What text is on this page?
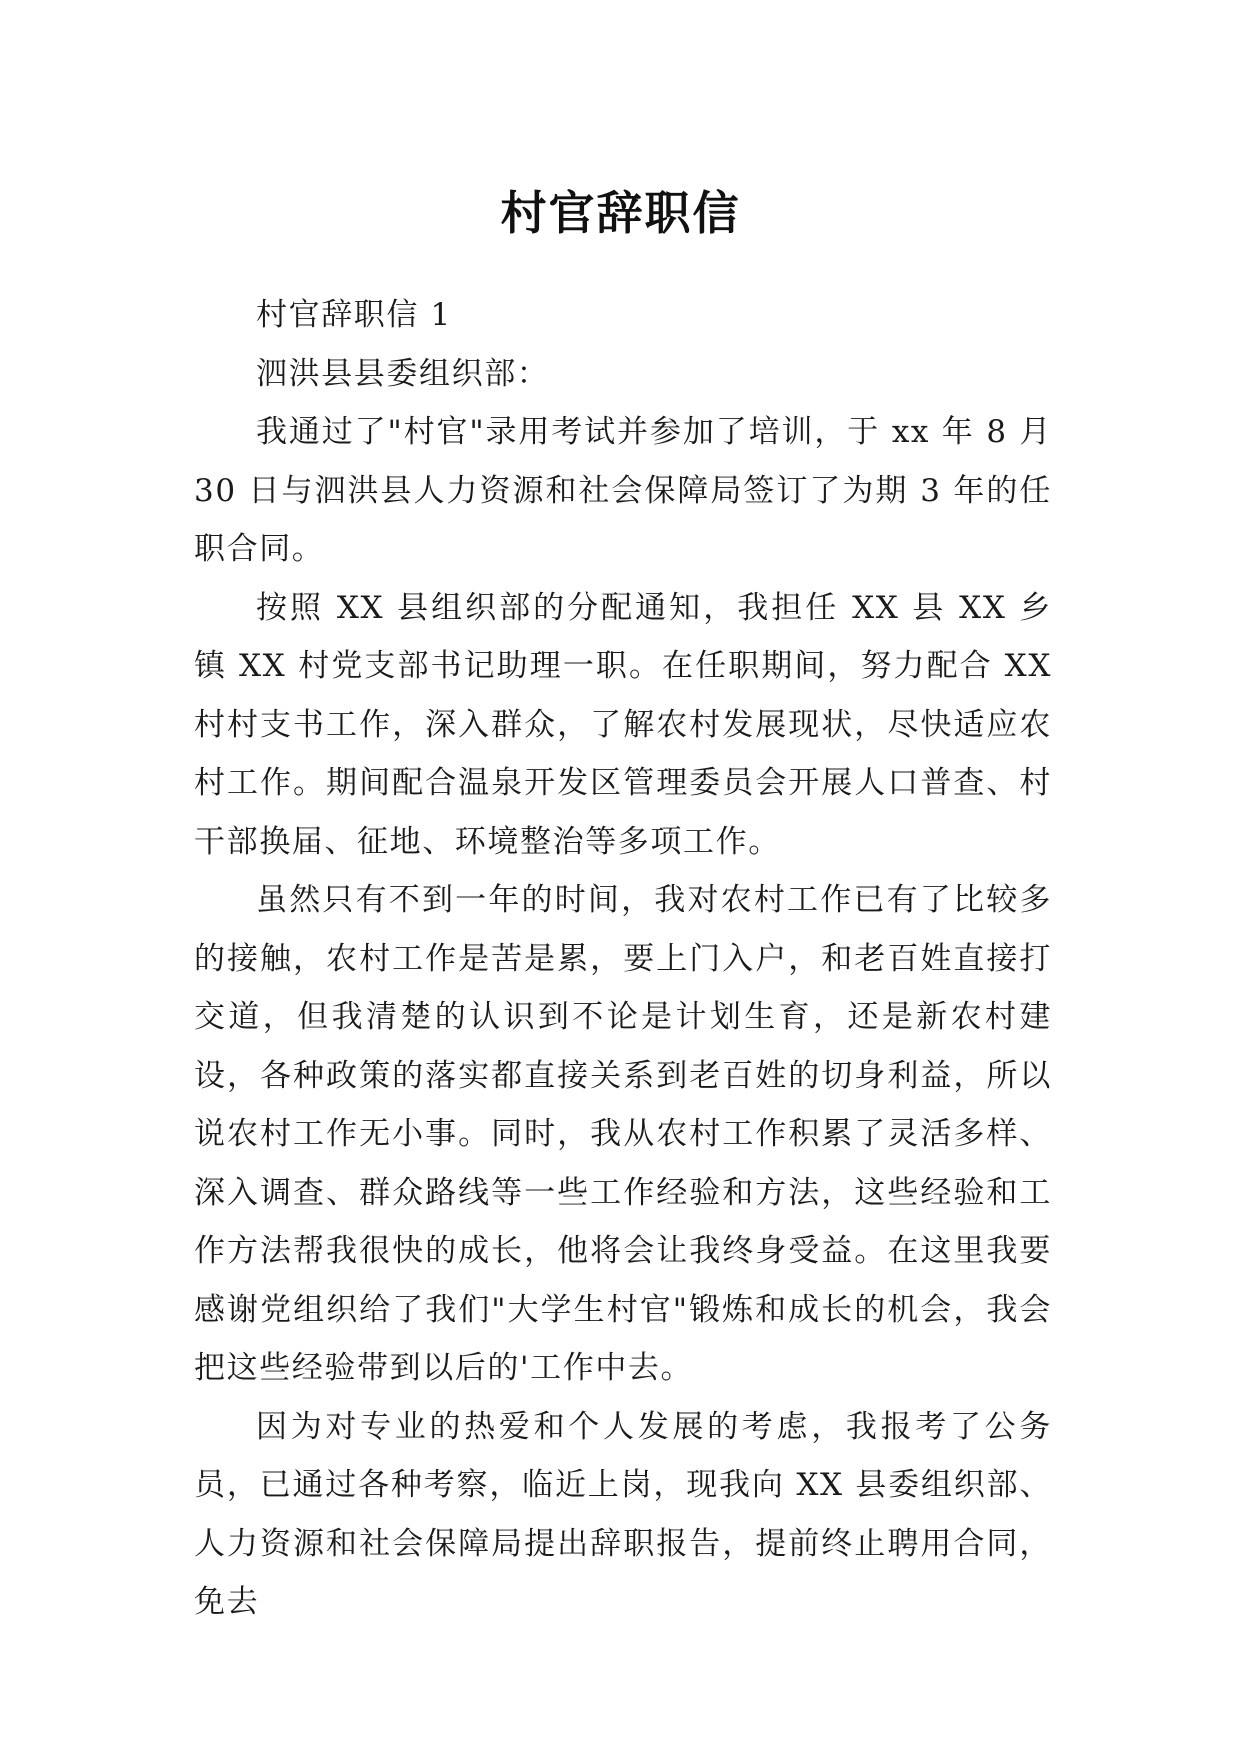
村官辞职信

村官辞职信 1

泗洪县县委组织部：

我通过了"村官"录用考试并参加了培训，于 xx 年 8 月 30 日与泗洪县人力资源和社会保障局签订了为期 3 年的任职合同。

按照 XX 县组织部的分配通知，我担任 XX 县 XX 乡镇 XX 村党支部书记助理一职。在任职期间，努力配合 XX 村村支书工作，深入群众，了解农村发展现状，尽快适应农村工作。期间配合温泉开发区管理委员会开展人口普查、村干部换届、征地、环境整治等多项工作。

虽然只有不到一年的时间，我对农村工作已有了比较多的接触，农村工作是苦是累，要上门入户，和老百姓直接打交道，但我清楚的认识到不论是计划生育，还是新农村建设，各种政策的落实都直接关系到老百姓的切身利益，所以说农村工作无小事。同时，我从农村工作积累了灵活多样、深入调查、群众路线等一些工作经验和方法，这些经验和工作方法帮我很快的成长，他将会让我终身受益。在这里我要感谢党组织给了我们"大学生村官"锻炼和成长的机会，我会把这些经验带到以后的'工作中去。

因为对专业的热爱和个人发展的考虑，我报考了公务员，已通过各种考察，临近上岗，现我向 XX 县委组织部、人力资源和社会保障局提出辞职报告，提前终止聘用合同，免去
